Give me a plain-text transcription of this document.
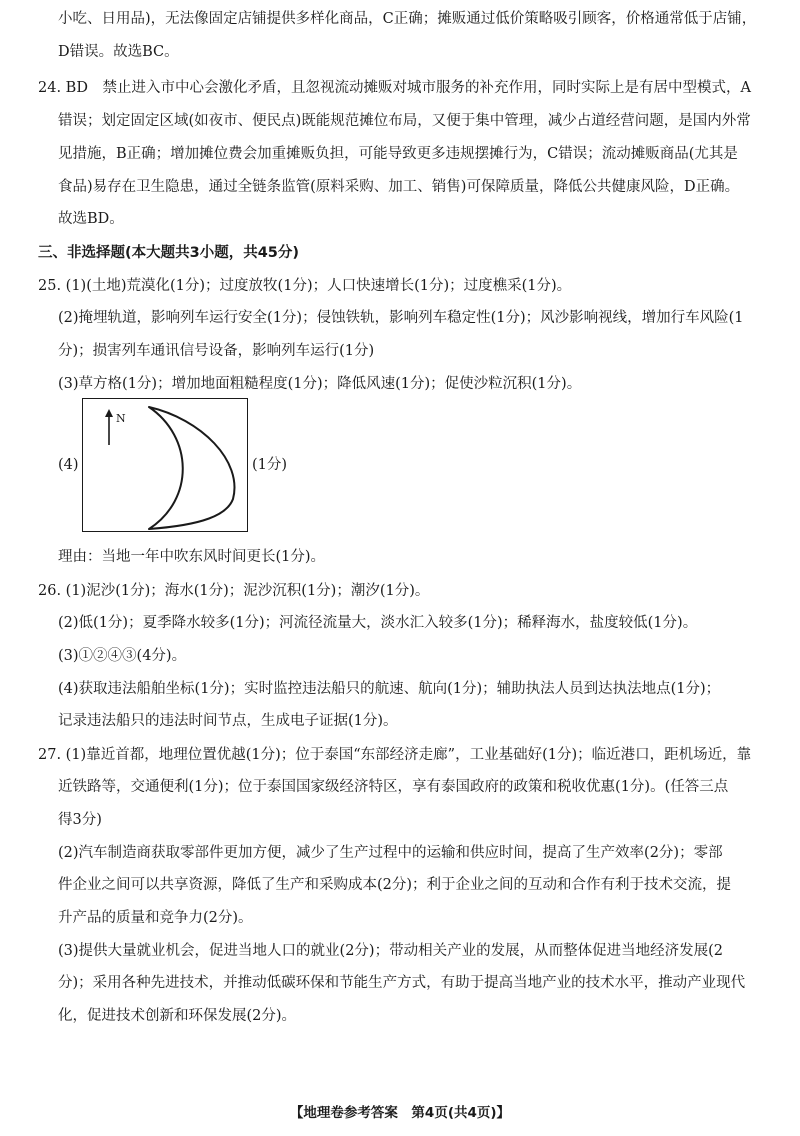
小吃、日用品)，无法像固定店铺提供多样化商品，C正确；摊贩通过低价策略吸引顾客，价格通常低于店铺，
D错误。故选BC。
24. BD　禁止进入市中心会激化矛盾，且忽视流动摊贩对城市服务的补充作用，同时实际上是有居中型模式，A
错误；划定固定区域(如夜市、便民点)既能规范摊位布局，又便于集中管理，减少占道经营问题，是国内外常
见措施，B正确；增加摊位费会加重摊贩负担，可能导致更多违规摆摊行为，C错误；流动摊贩商品(尤其是
食品)易存在卫生隐患，通过全链条监管(原料采购、加工、销售)可保障质量，降低公共健康风险，D正确。
故选BD。
三、非选择题(本大题共3小题，共45分)
25. (1)(土地)荒漠化(1分)；过度放牧(1分)；人口快速增长(1分)；过度樵采(1分)。
(2)掩埋轨道，影响列车运行安全(1分)；侵蚀铁轨，影响列车稳定性(1分)；风沙影响视线，增加行车风险(1
分)；损害列车通讯信号设备，影响列车运行(1分)
(3)草方格(1分)；增加地面粗糙程度(1分)；降低风速(1分)；促使沙粒沉积(1分)。
(4)
N
(1分)
理由：当地一年中吹东风时间更长(1分)。
26. (1)泥沙(1分)；海水(1分)；泥沙沉积(1分)；潮汐(1分)。
(2)低(1分)；夏季降水较多(1分)；河流径流量大，淡水汇入较多(1分)；稀释海水，盐度较低(1分)。
(3)①②④③(4分)。
(4)获取违法船舶坐标(1分)；实时监控违法船只的航速、航向(1分)；辅助执法人员到达执法地点(1分)；
记录违法船只的违法时间节点，生成电子证据(1分)。
27. (1)靠近首都，地理位置优越(1分)；位于泰国“东部经济走廊”，工业基础好(1分)；临近港口，距机场近，靠
近铁路等，交通便利(1分)；位于泰国国家级经济特区，享有泰国政府的政策和税收优惠(1分)。(任答三点
得3分)
(2)汽车制造商获取零部件更加方便，减少了生产过程中的运输和供应时间，提高了生产效率(2分)；零部
件企业之间可以共享资源，降低了生产和采购成本(2分)；利于企业之间的互动和合作有利于技术交流，提
升产品的质量和竞争力(2分)。
(3)提供大量就业机会，促进当地人口的就业(2分)；带动相关产业的发展，从而整体促进当地经济发展(2
分)；采用各种先进技术，并推动低碳环保和节能生产方式，有助于提高当地产业的技术水平，推动产业现代
化，促进技术创新和环保发展(2分)。
【地理卷参考答案　第4页(共4页)】
